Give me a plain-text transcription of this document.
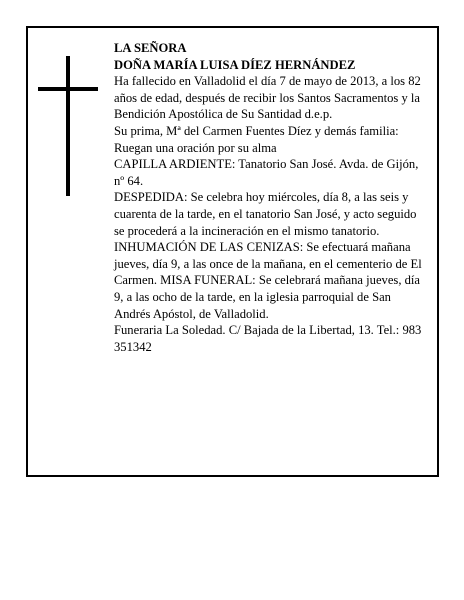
LA SEÑORA

DOÑA MARÍA LUISA DÍEZ HERNÁNDEZ

Ha fallecido en Valladolid el día 7 de mayo de 2013, a los 82 años de edad, después de recibir los Santos Sacramentos y la Bendición Apostólica de Su Santidad d.e.p.

Su prima, Mª del Carmen Fuentes Díez y demás familia:

Ruegan una oración por su alma

CAPILLA ARDIENTE: Tanatorio San José. Avda. de Gijón, nº 64.

DESPEDIDA: Se celebra hoy miércoles, día 8, a las seis y cuarenta de la tarde, en el tanatorio San José, y acto seguido se procederá a la incineración en el mismo tanatorio.

INHUMACIÓN DE LAS CENIZAS: Se efectuará mañana jueves, día 9, a las once de la mañana, en el cementerio de El Carmen. MISA FUNERAL: Se celebrará mañana jueves, día 9, a las ocho de la tarde, en la iglesia parroquial de San Andrés Apóstol, de Valladolid.

Funeraria La Soledad. C/ Bajada de la Libertad, 13. Tel.: 983 351342
